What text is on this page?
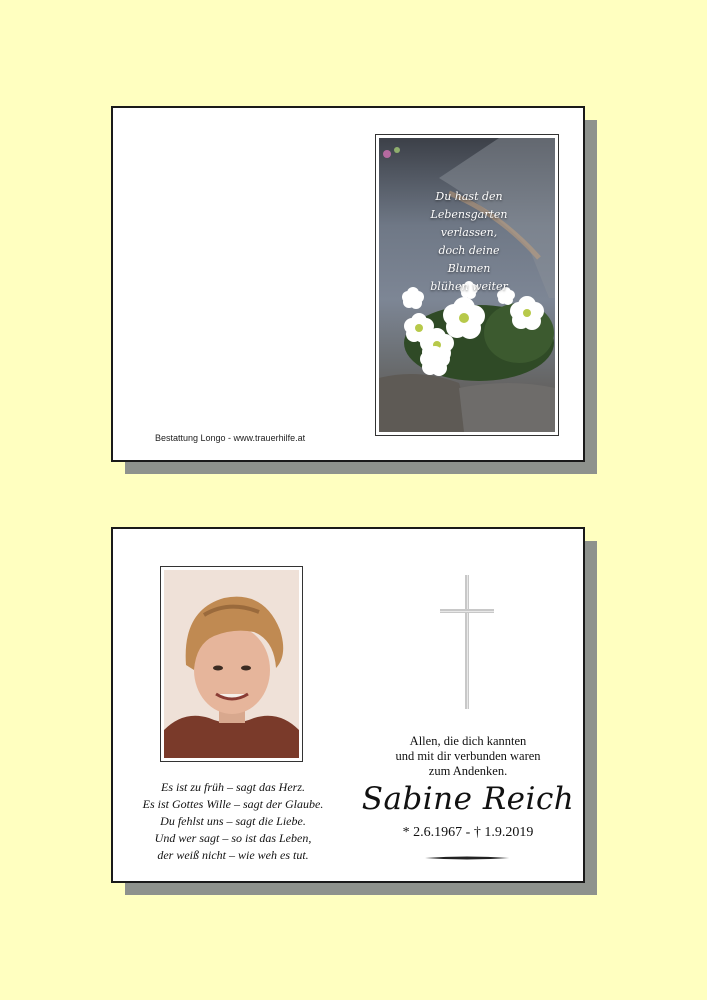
Bestattung Longo - www.trauerhilfe.at
Du hast den
Lebensgarten
verlassen,
doch deine
Blumen
blühen weiter
Es ist zu früh – sagt das Herz.
Es ist Gottes Wille – sagt der Glaube.
Du fehlst uns – sagt die Liebe.
Und wer sagt – so ist das Leben,
der weiß nicht – wie weh es tut.
Allen, die dich kannten
und mit dir verbunden waren
zum Andenken.
Sabine Reich
* 2.6.1967 - † 1.9.2019
